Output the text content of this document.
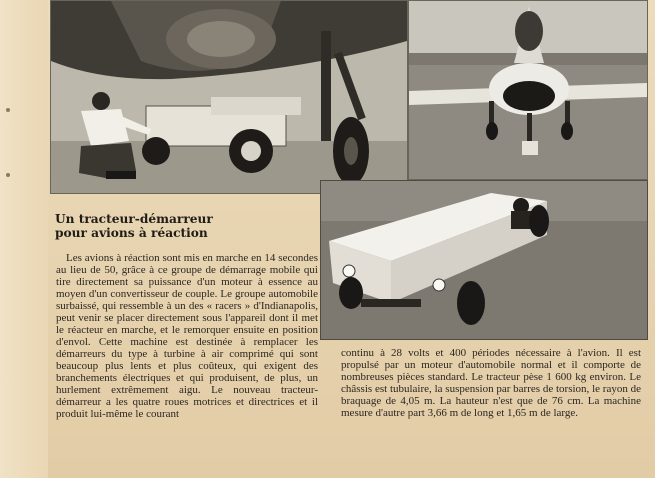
Un tracteur-démarreur
pour avions à réaction

Les avions à réaction sont mis en marche en 14 secondes au lieu de 50, grâce à ce groupe de démarrage mobile qui tire directement sa puissance d'un moteur à essence au moyen d'un convertisseur de couple. Le groupe automobile surbaissé, qui ressemble à un des « racers » d'Indianapolis, peut venir se placer directement sous l'appareil dont il met le réacteur en marche, et le remorquer ensuite en position d'envol. Cette machine est destinée à remplacer les démarreurs du type à turbine à air comprimé qui sont beaucoup plus lents et plus coûteux, qui exigent des branchements électriques et qui produisent, de plus, un hurlement extrêmement aigu. Le nouveau tracteur-démarreur a les quatre roues motrices et directrices et il produit lui-même le courant

continu à 28 volts et 400 périodes nécessaire à l'avion. Il est propulsé par un moteur d'automobile normal et il comporte de nombreuses pièces standard. Le tracteur pèse 1 600 kg environ. Le châssis est tubulaire, la suspension par barres de torsion, le rayon de braquage de 4,05 m. La hauteur n'est que de 76 cm. La machine mesure d'autre part 3,66 m de long et 1,65 m de large.
